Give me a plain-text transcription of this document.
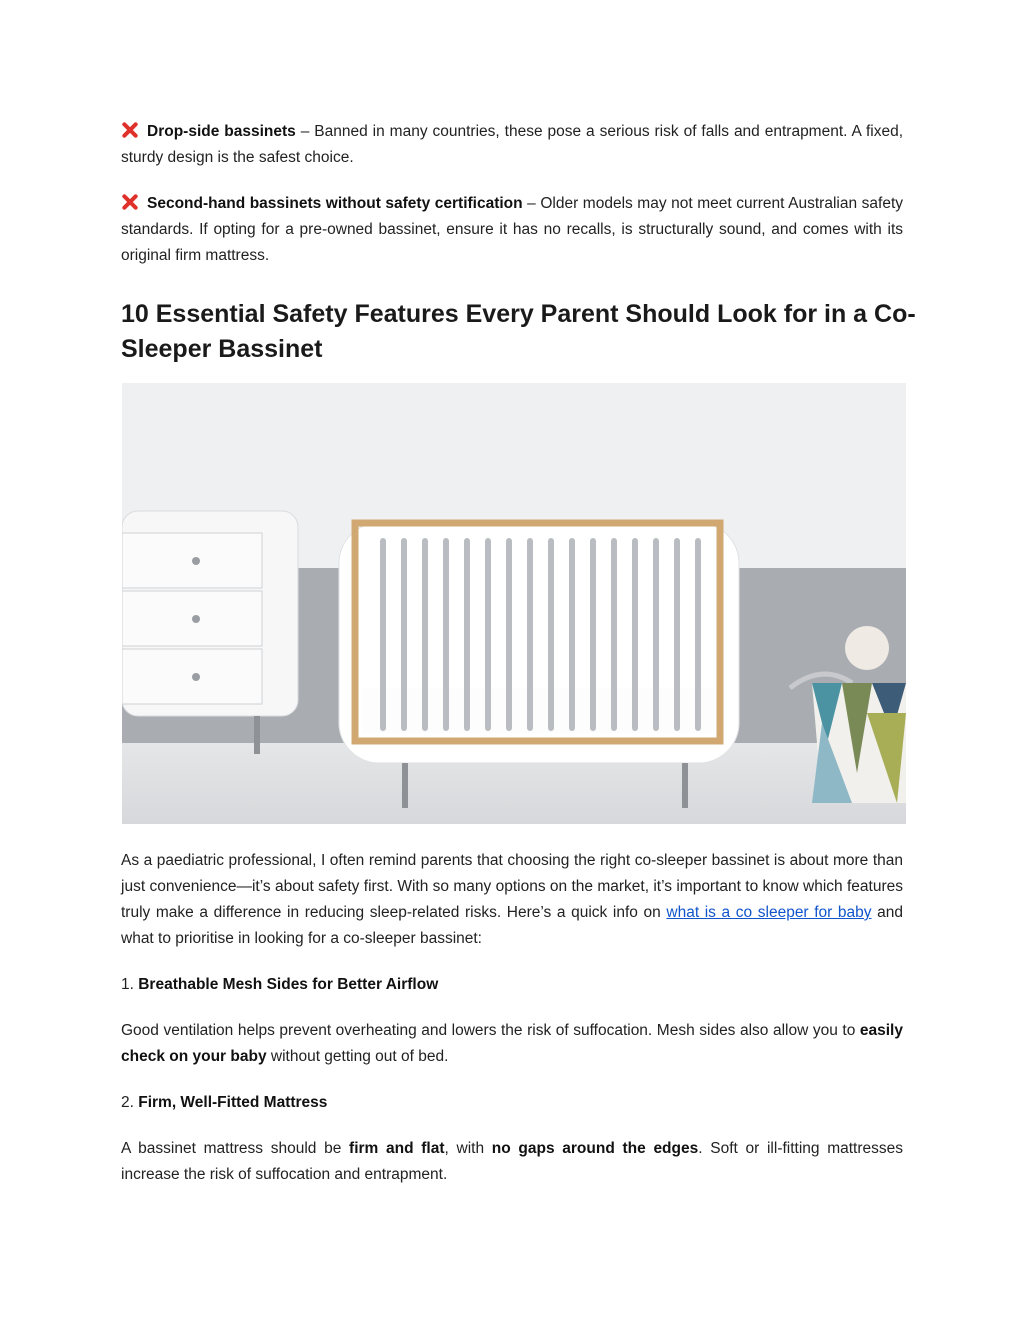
Drop-side bassinets – Banned in many countries, these pose a serious risk of falls and entrapment. A fixed, sturdy design is the safest choice.

Second-hand bassinets without safety certification – Older models may not meet current Australian safety standards. If opting for a pre-owned bassinet, ensure it has no recalls, is structurally sound, and comes with its original firm mattress.

10 Essential Safety Features Every Parent Should Look for in a Co-Sleeper Bassinet

As a paediatric professional, I often remind parents that choosing the right co-sleeper bassinet is about more than just convenience—it’s about safety first. With so many options on the market, it’s important to know which features truly make a difference in reducing sleep-related risks. Here’s a quick info on what is a co sleeper for baby and what to prioritise in looking for a co-sleeper bassinet:

1. Breathable Mesh Sides for Better Airflow

Good ventilation helps prevent overheating and lowers the risk of suffocation. Mesh sides also allow you to easily check on your baby without getting out of bed.

2. Firm, Well-Fitted Mattress

A bassinet mattress should be firm and flat, with no gaps around the edges. Soft or ill-fitting mattresses increase the risk of suffocation and entrapment.
